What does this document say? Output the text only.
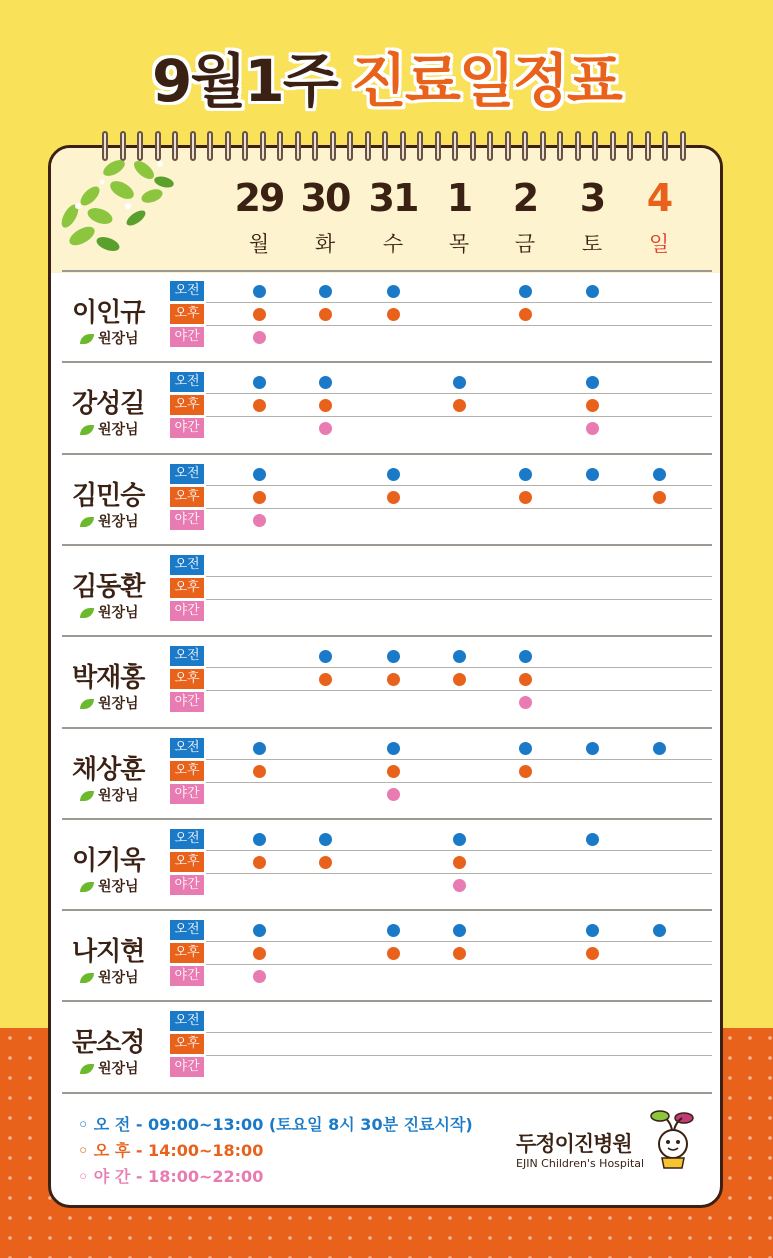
9월1주 진료일정표
29
월
30
화
31
수
1
목
2
금
3
토
4
일
이인규
원장님
오전
오후
야간
강성길
원장님
오전
오후
야간
김민승
원장님
오전
오후
야간
김동환
원장님
오전
오후
야간
박재홍
원장님
오전
오후
야간
채상훈
원장님
오전
오후
야간
이기욱
원장님
오전
오후
야간
나지현
원장님
오전
오후
야간
문소정
원장님
오전
오후
야간
◦ 오 전 - 09:00~13:00 (토요일 8시 30분 진료시작)
◦ 오 후 - 14:00~18:00
◦ 야 간 - 18:00~22:00
두정이진병원
EJIN Children's Hospital
